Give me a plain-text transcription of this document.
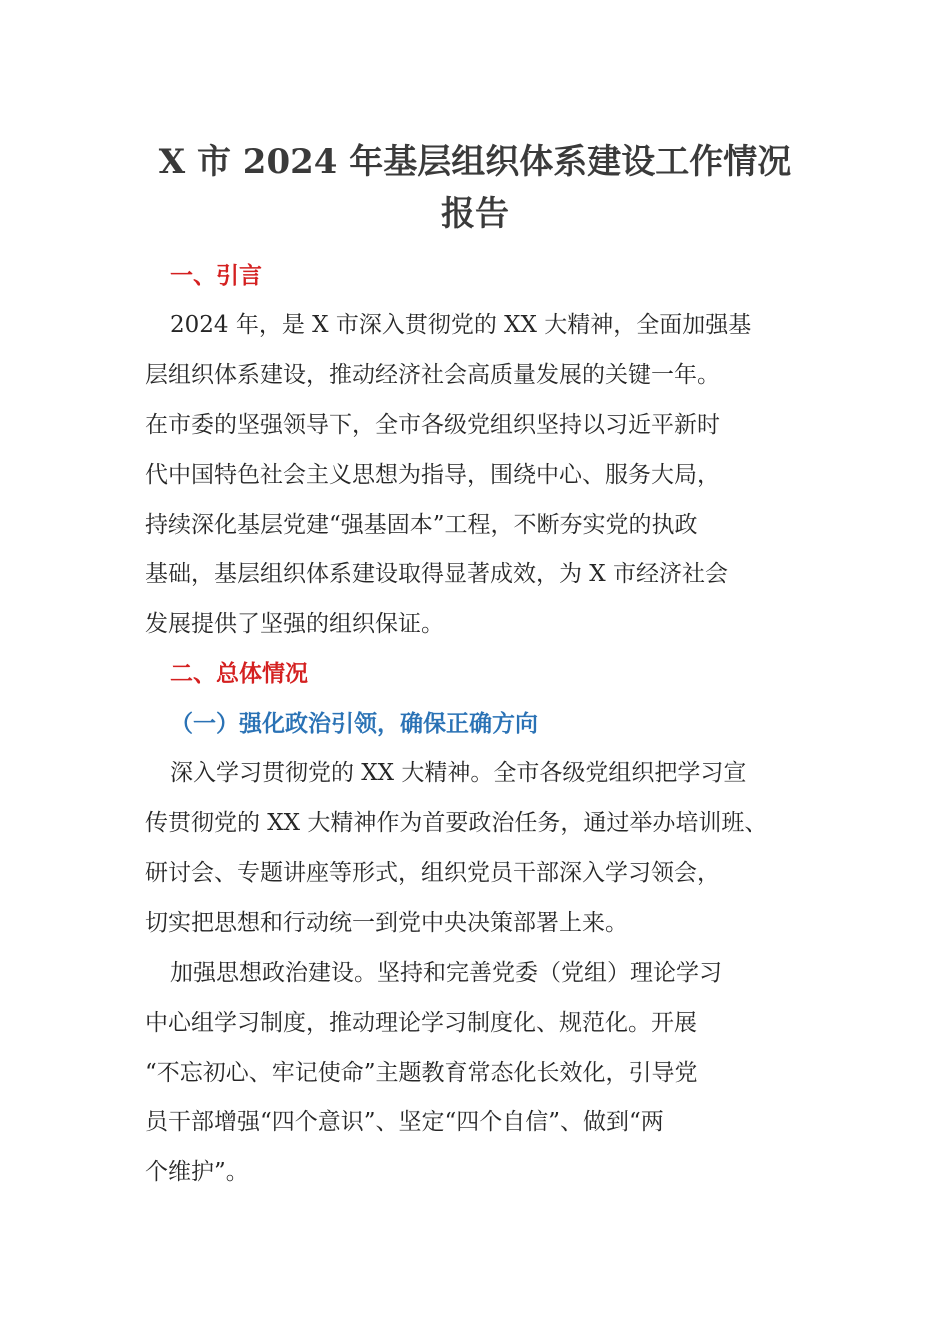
X 市 2024 年基层组织体系建设工作情况
报告
一、引言

2024 年，是 X 市深入贯彻党的 XX 大精神，全面加强基

层组织体系建设，推动经济社会高质量发展的关键一年。

在市委的坚强领导下，全市各级党组织坚持以习近平新时

代中国特色社会主义思想为指导，围绕中心、服务大局，

持续深化基层党建“强基固本”工程，不断夯实党的执政

基础，基层组织体系建设取得显著成效，为 X 市经济社会

发展提供了坚强的组织保证。

二、总体情况
（一）强化政治引领，确保正确方向

深入学习贯彻党的 XX 大精神。全市各级党组织把学习宣

传贯彻党的 XX 大精神作为首要政治任务，通过举办培训班、

研讨会、专题讲座等形式，组织党员干部深入学习领会，

切实把思想和行动统一到党中央决策部署上来。

加强思想政治建设。坚持和完善党委（党组）理论学习

中心组学习制度，推动理论学习制度化、规范化。开展

“不忘初心、牢记使命”主题教育常态化长效化，引导党

员干部增强“四个意识”、坚定“四个自信”、做到“两

个维护”。
